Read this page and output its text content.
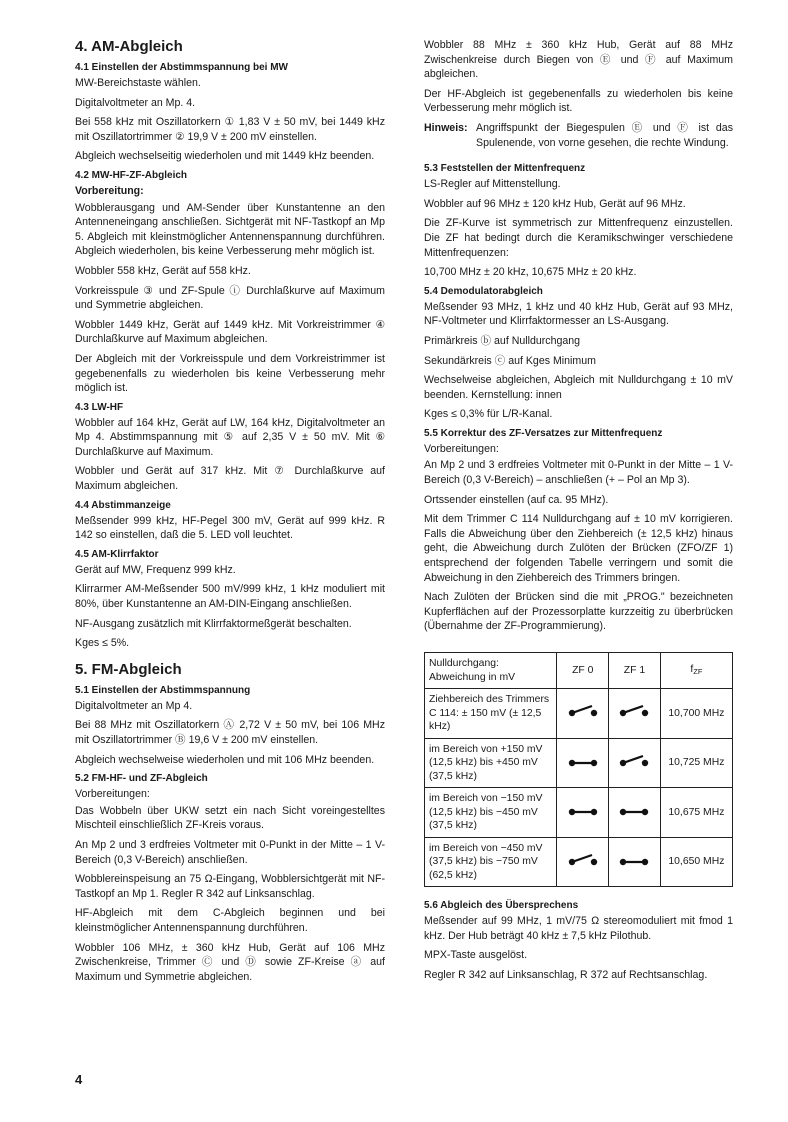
4. AM-Abgleich
4.1 Einstellen der Abstimmspannung bei MW

MW-Bereichstaste wählen.

Digitalvoltmeter an Mp. 4.

Bei 558 kHz mit Oszillatorkern ① 1,83 V ± 50 mV, bei 1449 kHz mit Oszillatortrimmer ② 19,9 V ± 200 mV einstellen.

Abgleich wechselseitig wiederholen und mit 1449 kHz beenden.

4.2 MW-HF-ZF-Abgleich

Vorbereitung:

Wobblerausgang und AM-Sender über Kunstantenne an den Antenneneingang anschließen. Sichtgerät mit NF-Tastkopf an Mp 5. Abgleich mit kleinstmöglicher Antennenspannung durchführen. Abgleich wiederholen, bis keine Verbesserung mehr möglich ist.

Wobbler 558 kHz, Gerät auf 558 kHz.

Vorkreisspule ③ und ZF-Spule ⓘ Durchlaßkurve auf Maximum und Symmetrie abgleichen.

Wobbler 1449 kHz, Gerät auf 1449 kHz. Mit Vorkreistrimmer ④ Durchlaßkurve auf Maximum abgleichen.

Der Abgleich mit der Vorkreisspule und dem Vorkreistrimmer ist gegebenenfalls zu wiederholen bis keine Verbesserung mehr möglich ist.

4.3 LW-HF

Wobbler auf 164 kHz, Gerät auf LW, 164 kHz, Digitalvoltmeter an Mp 4. Abstimmspannung mit ⑤ auf 2,35 V ± 50 mV. Mit ⑥ Durchlaßkurve auf Maximum.

Wobbler und Gerät auf 317 kHz. Mit ⑦ Durchlaßkurve auf Maximum abgleichen.

4.4 Abstimmanzeige

Meßsender 999 kHz, HF-Pegel 300 mV, Gerät auf 999 kHz. R 142 so einstellen, daß die 5. LED voll leuchtet.

4.5 AM-Klirrfaktor

Gerät auf MW, Frequenz 999 kHz.

Klirrarmer AM-Meßsender 500 mV/999 kHz, 1 kHz moduliert mit 80%, über Kunstantenne an AM-DIN-Eingang anschließen.

NF-Ausgang zusätzlich mit Klirrfaktormeßgerät beschalten.

Kges ≤ 5%.

5. FM-Abgleich
5.1 Einstellen der Abstimmspannung

Digitalvoltmeter an Mp 4.

Bei 88 MHz mit Oszillatorkern Ⓐ 2,72 V ± 50 mV, bei 106 MHz mit Oszillatortrimmer Ⓑ 19,6 V ± 200 mV einstellen.

Abgleich wechselweise wiederholen und mit 106 MHz beenden.

5.2 FM-HF- und ZF-Abgleich

Vorbereitungen:

Das Wobbeln über UKW setzt ein nach Sicht voreingestelltes Mischteil einschließlich ZF-Kreis voraus.

An Mp 2 und 3 erdfreies Voltmeter mit 0-Punkt in der Mitte – 1 V-Bereich (0,3 V-Bereich) anschließen.

Wobblereinspeisung an 75 Ω-Eingang, Wobblersichtgerät mit NF-Tastkopf an Mp 1. Regler R 342 auf Linksanschlag.

HF-Abgleich mit dem C-Abgleich beginnen und bei kleinstmöglicher Antennenspannung durchführen.

Wobbler 106 MHz, ± 360 kHz Hub, Gerät auf 106 MHz Zwischenkreise, Trimmer Ⓒ und Ⓓ sowie ZF-Kreise ⓐ auf Maximum und Symmetrie abgleichen.

Wobbler 88 MHz ± 360 kHz Hub, Gerät auf 88 MHz Zwischenkreise durch Biegen von Ⓔ und Ⓕ auf Maximum abgleichen.

Der HF-Abgleich ist gegebenenfalls zu wiederholen bis keine Verbesserung mehr möglich ist.

Hinweis: Angriffspunkt der Biegespulen Ⓔ und Ⓕ ist das Spulenende, von vorne gesehen, die rechte Windung.
5.3 Feststellen der Mittenfrequenz

LS-Regler auf Mittenstellung.

Wobbler auf 96 MHz ± 120 kHz Hub, Gerät auf 96 MHz.

Die ZF-Kurve ist symmetrisch zur Mittenfrequenz einzustellen. Die ZF hat bedingt durch die Keramikschwinger verschiedene Mittenfrequenzen:

10,700 MHz ± 20 kHz, 10,675 MHz ± 20 kHz.

5.4 Demodulatorabgleich

Meßsender 93 MHz, 1 kHz und 40 kHz Hub, Gerät auf 93 MHz, NF-Voltmeter und Klirrfaktormesser an LS-Ausgang.

Primärkreis ⓑ auf Nulldurchgang

Sekundärkreis ⓒ auf Kges Minimum

Wechselweise abgleichen, Abgleich mit Nulldurchgang ± 10 mV beenden. Kernstellung: innen

Kges ≤ 0,3% für L/R-Kanal.

5.5 Korrektur des ZF-Versatzes zur Mittenfrequenz

Vorbereitungen:

An Mp 2 und 3 erdfreies Voltmeter mit 0-Punkt in der Mitte – 1 V-Bereich (0,3 V-Bereich) – anschließen (+ – Pol an Mp 3).

Ortssender einstellen (auf ca. 95 MHz).

Mit dem Trimmer C 114 Nulldurchgang auf ± 10 mV korrigieren. Falls die Abweichung über den Ziehbereich (± 12,5 kHz) hinaus geht, die Abweichung durch Zulöten der Brücken (ZFO/ZF 1) entsprechend der folgenden Tabelle verringern und somit die Abweichung in den Ziehbereich des Trimmers bringen.

Nach Zulöten der Brücken sind die mit „PROG." bezeichneten Kupferflächen auf der Prozessorplatte kurzzeitig zu überbrücken (Übernahme der ZF-Programmierung).

Nulldurchgang: Abweichung in mV	ZF 0	ZF 1	$f_{ZF}$
Ziehbereich des Trimmers C 114: ± 150 mV (± 12,5 kHz)			10,700 MHz
im Bereich von +150 mV (12,5 kHz) bis +450 mV (37,5 kHz)			10,725 MHz
im Bereich von −150 mV (12,5 kHz) bis −450 mV (37,5 kHz)			10,675 MHz
im Bereich von −450 mV (37,5 kHz) bis −750 mV (62,5 kHz)			10,650 MHz
5.6 Abgleich des Übersprechens

Meßsender auf 99 MHz, 1 mV/75 Ω stereomoduliert mit fmod 1 kHz. Der Hub beträgt 40 kHz ± 7,5 kHz Pilothub.

MPX-Taste ausgelöst.

Regler R 342 auf Linksanschlag, R 372 auf Rechtsanschlag.

4
